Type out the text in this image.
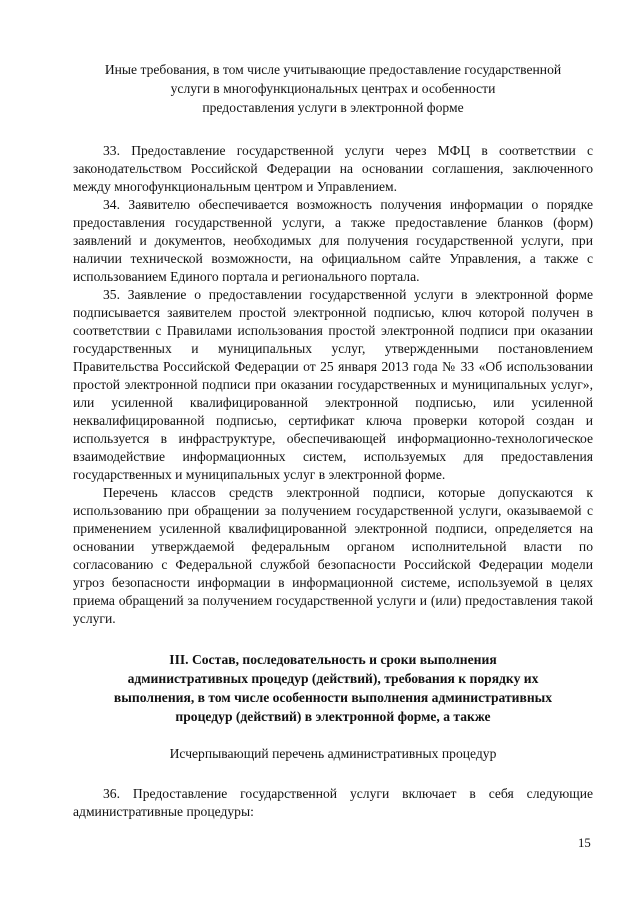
Иные требования, в том числе учитывающие предоставление государственной
услуги в многофункциональных центрах и особенности
предоставления услуги в электронной форме

33. Предоставление государственной услуги через МФЦ в соответствии с законодательством Российской Федерации на основании соглашения, заключенного между многофункциональным центром и Управлением.

34. Заявителю обеспечивается возможность получения информации о порядке предоставления государственной услуги, а также предоставление бланков (форм) заявлений и документов, необходимых для получения государственной услуги, при наличии технической возможности, на официальном сайте Управления, а также с использованием Единого портала и регионального портала.

35. Заявление о предоставлении государственной услуги в электронной форме подписывается заявителем простой электронной подписью, ключ которой получен в соответствии с Правилами использования простой электронной подписи при оказании государственных и муниципальных услуг, утвержденными постановлением Правительства Российской Федерации от 25 января 2013 года № 33 «Об использовании простой электронной подписи при оказании государственных и муниципальных услуг», или усиленной квалифицированной электронной подписью, или усиленной неквалифицированной подписью, сертификат ключа проверки которой создан и используется в инфраструктуре, обеспечивающей информационно-технологическое взаимодействие информационных систем, используемых для предоставления государственных и муниципальных услуг в электронной форме.

Перечень классов средств электронной подписи, которые допускаются к использованию при обращении за получением государственной услуги, оказываемой с применением усиленной квалифицированной электронной подписи, определяется на основании утверждаемой федеральным органом исполнительной власти по согласованию с Федеральной службой безопасности Российской Федерации модели угроз безопасности информации в информационной системе, используемой в целях приема обращений за получением государственной услуги и (или) предоставления такой услуги.

III. Состав, последовательность и сроки выполнения
административных процедур (действий), требования к порядку их
выполнения, в том числе особенности выполнения административных
процедур (действий) в электронной форме, а также
Исчерпывающий перечень административных процедур

36. Предоставление государственной услуги включает в себя следующие административные процедуры:

15
